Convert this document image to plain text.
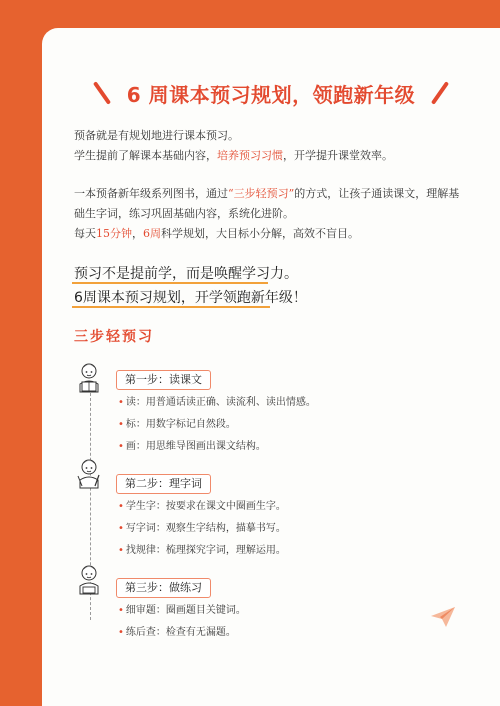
6 周课本预习规划，领跑新年级

预备就是有规划地进行课本预习。

学生提前了解课本基础内容，培养预习习惯，开学提升课堂效率。

一本预备新年级系列图书，通过“三步轻预习”的方式，让孩子通读课文，理解基

础生字词，练习巩固基础内容，系统化进阶。

每天15分钟，6周科学规划，大目标小分解，高效不盲目。

预习不是提前学，而是唤醒学习力。

6周课本预习规划，开学领跑新年级！

三步轻预习

第一步：读课文

• 读：用普通话读正确、读流利、读出情感。

• 标：用数字标记自然段。

• 画：用思维导图画出课文结构。

第二步：理字词

• 学生字：按要求在课文中圈画生字。

• 写字词：观察生字结构，描摹书写。

• 找规律：梳理探究字词，理解运用。

第三步：做练习

• 细审题：圈画题目关键词。

• 练后查：检查有无漏题。
